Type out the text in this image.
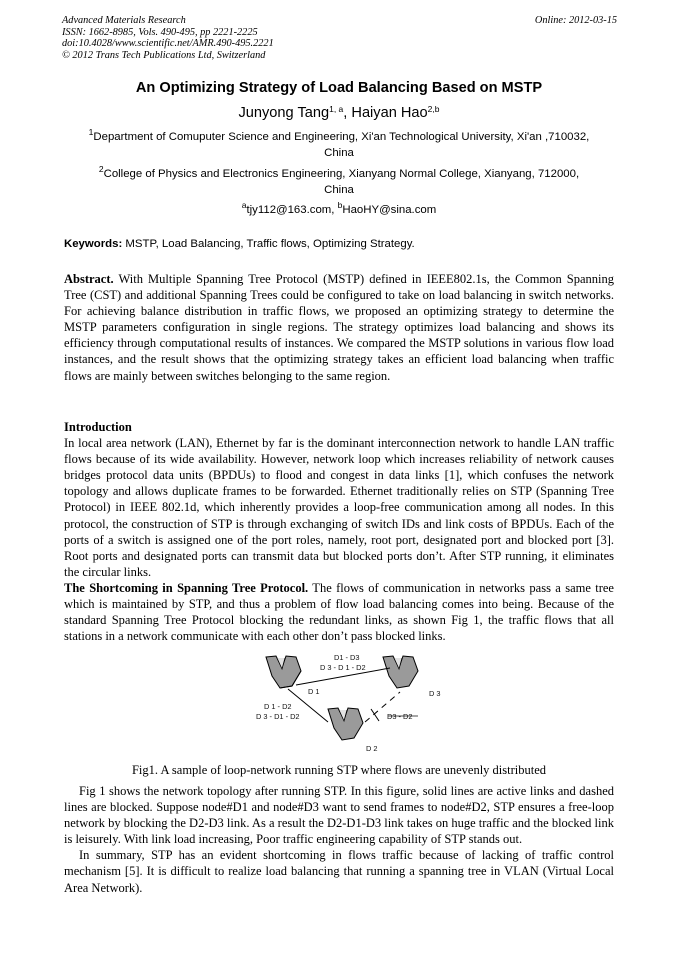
Advanced Materials Research
ISSN: 1662-8985, Vols. 490-495, pp 2221-2225
doi:10.4028/www.scientific.net/AMR.490-495.2221
© 2012 Trans Tech Publications Ltd, Switzerland
Online: 2012-03-15
An Optimizing Strategy of Load Balancing Based on MSTP
Junyong Tang$^{1, a}$, Haiyan Hao$^{2,b}$
$^1$Department of Comuputer Science and Engineering, Xi'an Technological University, Xi'an ,710032,
China
$^2$College of Physics and Electronics Engineering, Xianyang Normal College, Xianyang, 712000,
China
$^a$tjy112@163.com, $^b$HaoHY@sina.com
Keywords: MSTP, Load Balancing, Traffic flows, Optimizing Strategy.

Abstract. With Multiple Spanning Tree Protocol (MSTP) defined in IEEE802.1s, the Common Spanning Tree (CST) and additional Spanning Trees could be configured to take on load balancing in switch networks. For achieving balance distribution in traffic flows, we proposed an optimizing strategy to determine the MSTP parameters configuration in single regions. The strategy optimizes load balancing and shows its efficiency through computational results of instances. We compared the MSTP solutions in various flow load instances, and the result shows that the optimizing strategy takes an efficient load balancing when traffic flows are mainly between switches belonging to the same region.

Introduction

In local area network (LAN), Ethernet by far is the dominant interconnection network to handle LAN traffic flows because of its wide availability. However, network loop which increases reliability of network causes bridges protocol data units (BPDUs) to flood and congest in data links [1], which confuses the network topology and allows duplicate frames to be forwarded. Ethernet traditionally relies on STP (Spanning Tree Protocol) in IEEE 802.1d, which inherently provides a loop-free communication among all nodes. In this protocol, the construction of STP is through exchanging of switch IDs and link costs of BPDUs. Each of the ports of a switch is assigned one of the port roles, namely, root port, designated port and blocked port [3]. Root ports and designated ports can transmit data but blocked ports don’t. After STP running, it eliminates the circular links.

The Shortcoming in Spanning Tree Protocol. The flows of communication in networks pass a same tree which is maintained by STP, and thus a problem of flow load balancing comes into being. Because of the standard Spanning Tree Protocol blocking the redundant links, as shown Fig 1, the traffic flows that all stations in a network communicate with each other don’t pass blocked links.

D 1	D 3
D 2
D1 - D3
D 3 - D 1 - D2
D 1 - D2
D 3 - D1 - D2	D3 - D2
Fig1. A sample of loop-network running STP where flows are unevenly distributed

Fig 1 shows the network topology after running STP. In this figure, solid lines are active links and dashed lines are blocked. Suppose node#D1 and node#D3 want to send frames to node#D2, STP ensures a free-loop network by blocking the D2-D3 link. As a result the D2-D1-D3 link takes on huge traffic and the blocked link is leisurely. With link load increasing, Poor traffic engineering capability of STP stands out.

In summary, STP has an evident shortcoming in flows traffic because of lacking of traffic control mechanism [5]. It is difficult to realize load balancing that running a spanning tree in VLAN (Virtual Local Area Network).
